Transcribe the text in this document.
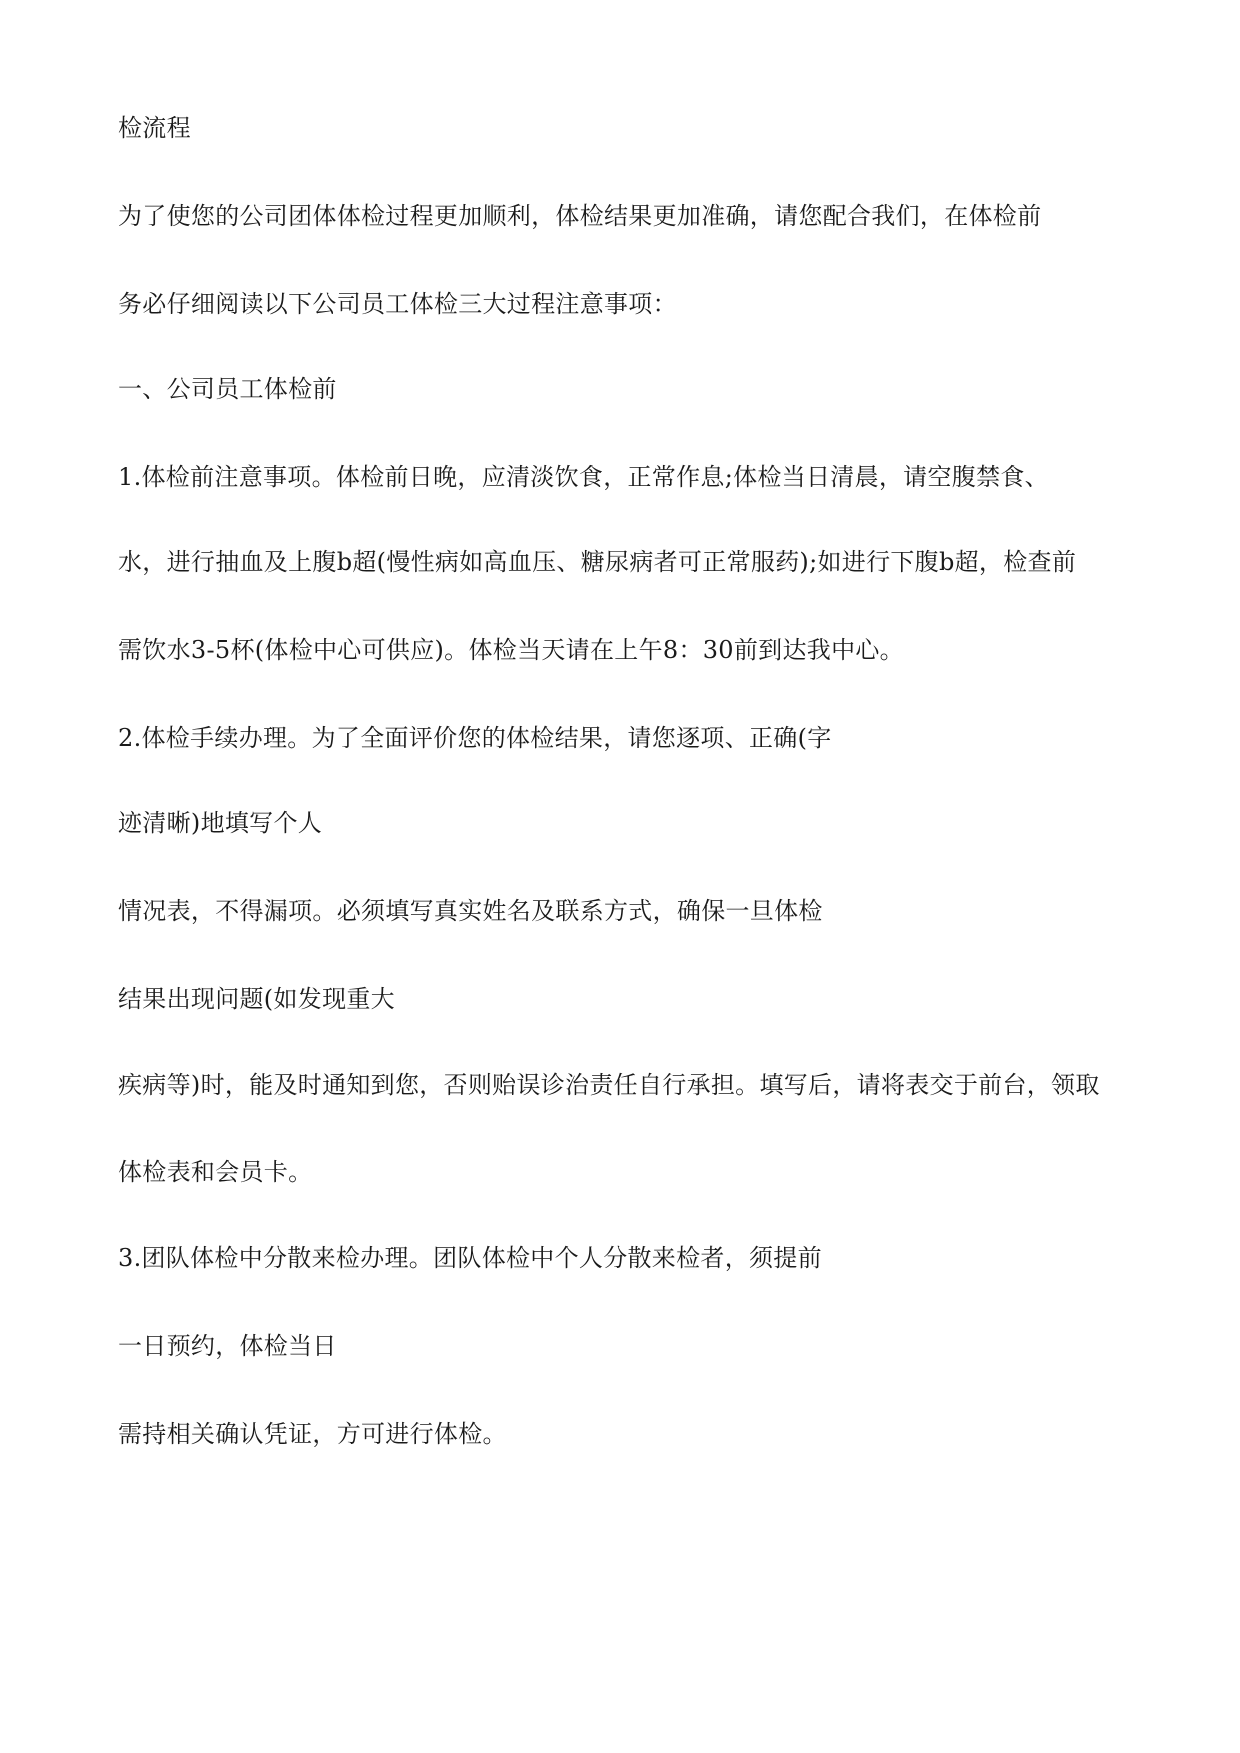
检流程

为了使您的公司团体体检过程更加顺利，体检结果更加准确，请您配合我们，在体检前

务必仔细阅读以下公司员工体检三大过程注意事项：

一、公司员工体检前

1.体检前注意事项。体检前日晚，应清淡饮食，正常作息;体检当日清晨，请空腹禁食、

水，进行抽血及上腹b超(慢性病如高血压、糖尿病者可正常服药);如进行下腹b超，检查前

需饮水3-5杯(体检中心可供应)。体检当天请在上午8：30前到达我中心。

2.体检手续办理。为了全面评价您的体检结果，请您逐项、正确(字

迹清晰)地填写个人

情况表，不得漏项。必须填写真实姓名及联系方式，确保一旦体检

结果出现问题(如发现重大

疾病等)时，能及时通知到您，否则贻误诊治责任自行承担。填写后，请将表交于前台，领取

体检表和会员卡。

3.团队体检中分散来检办理。团队体检中个人分散来检者，须提前

一日预约，体检当日

需持相关确认凭证，方可进行体检。
